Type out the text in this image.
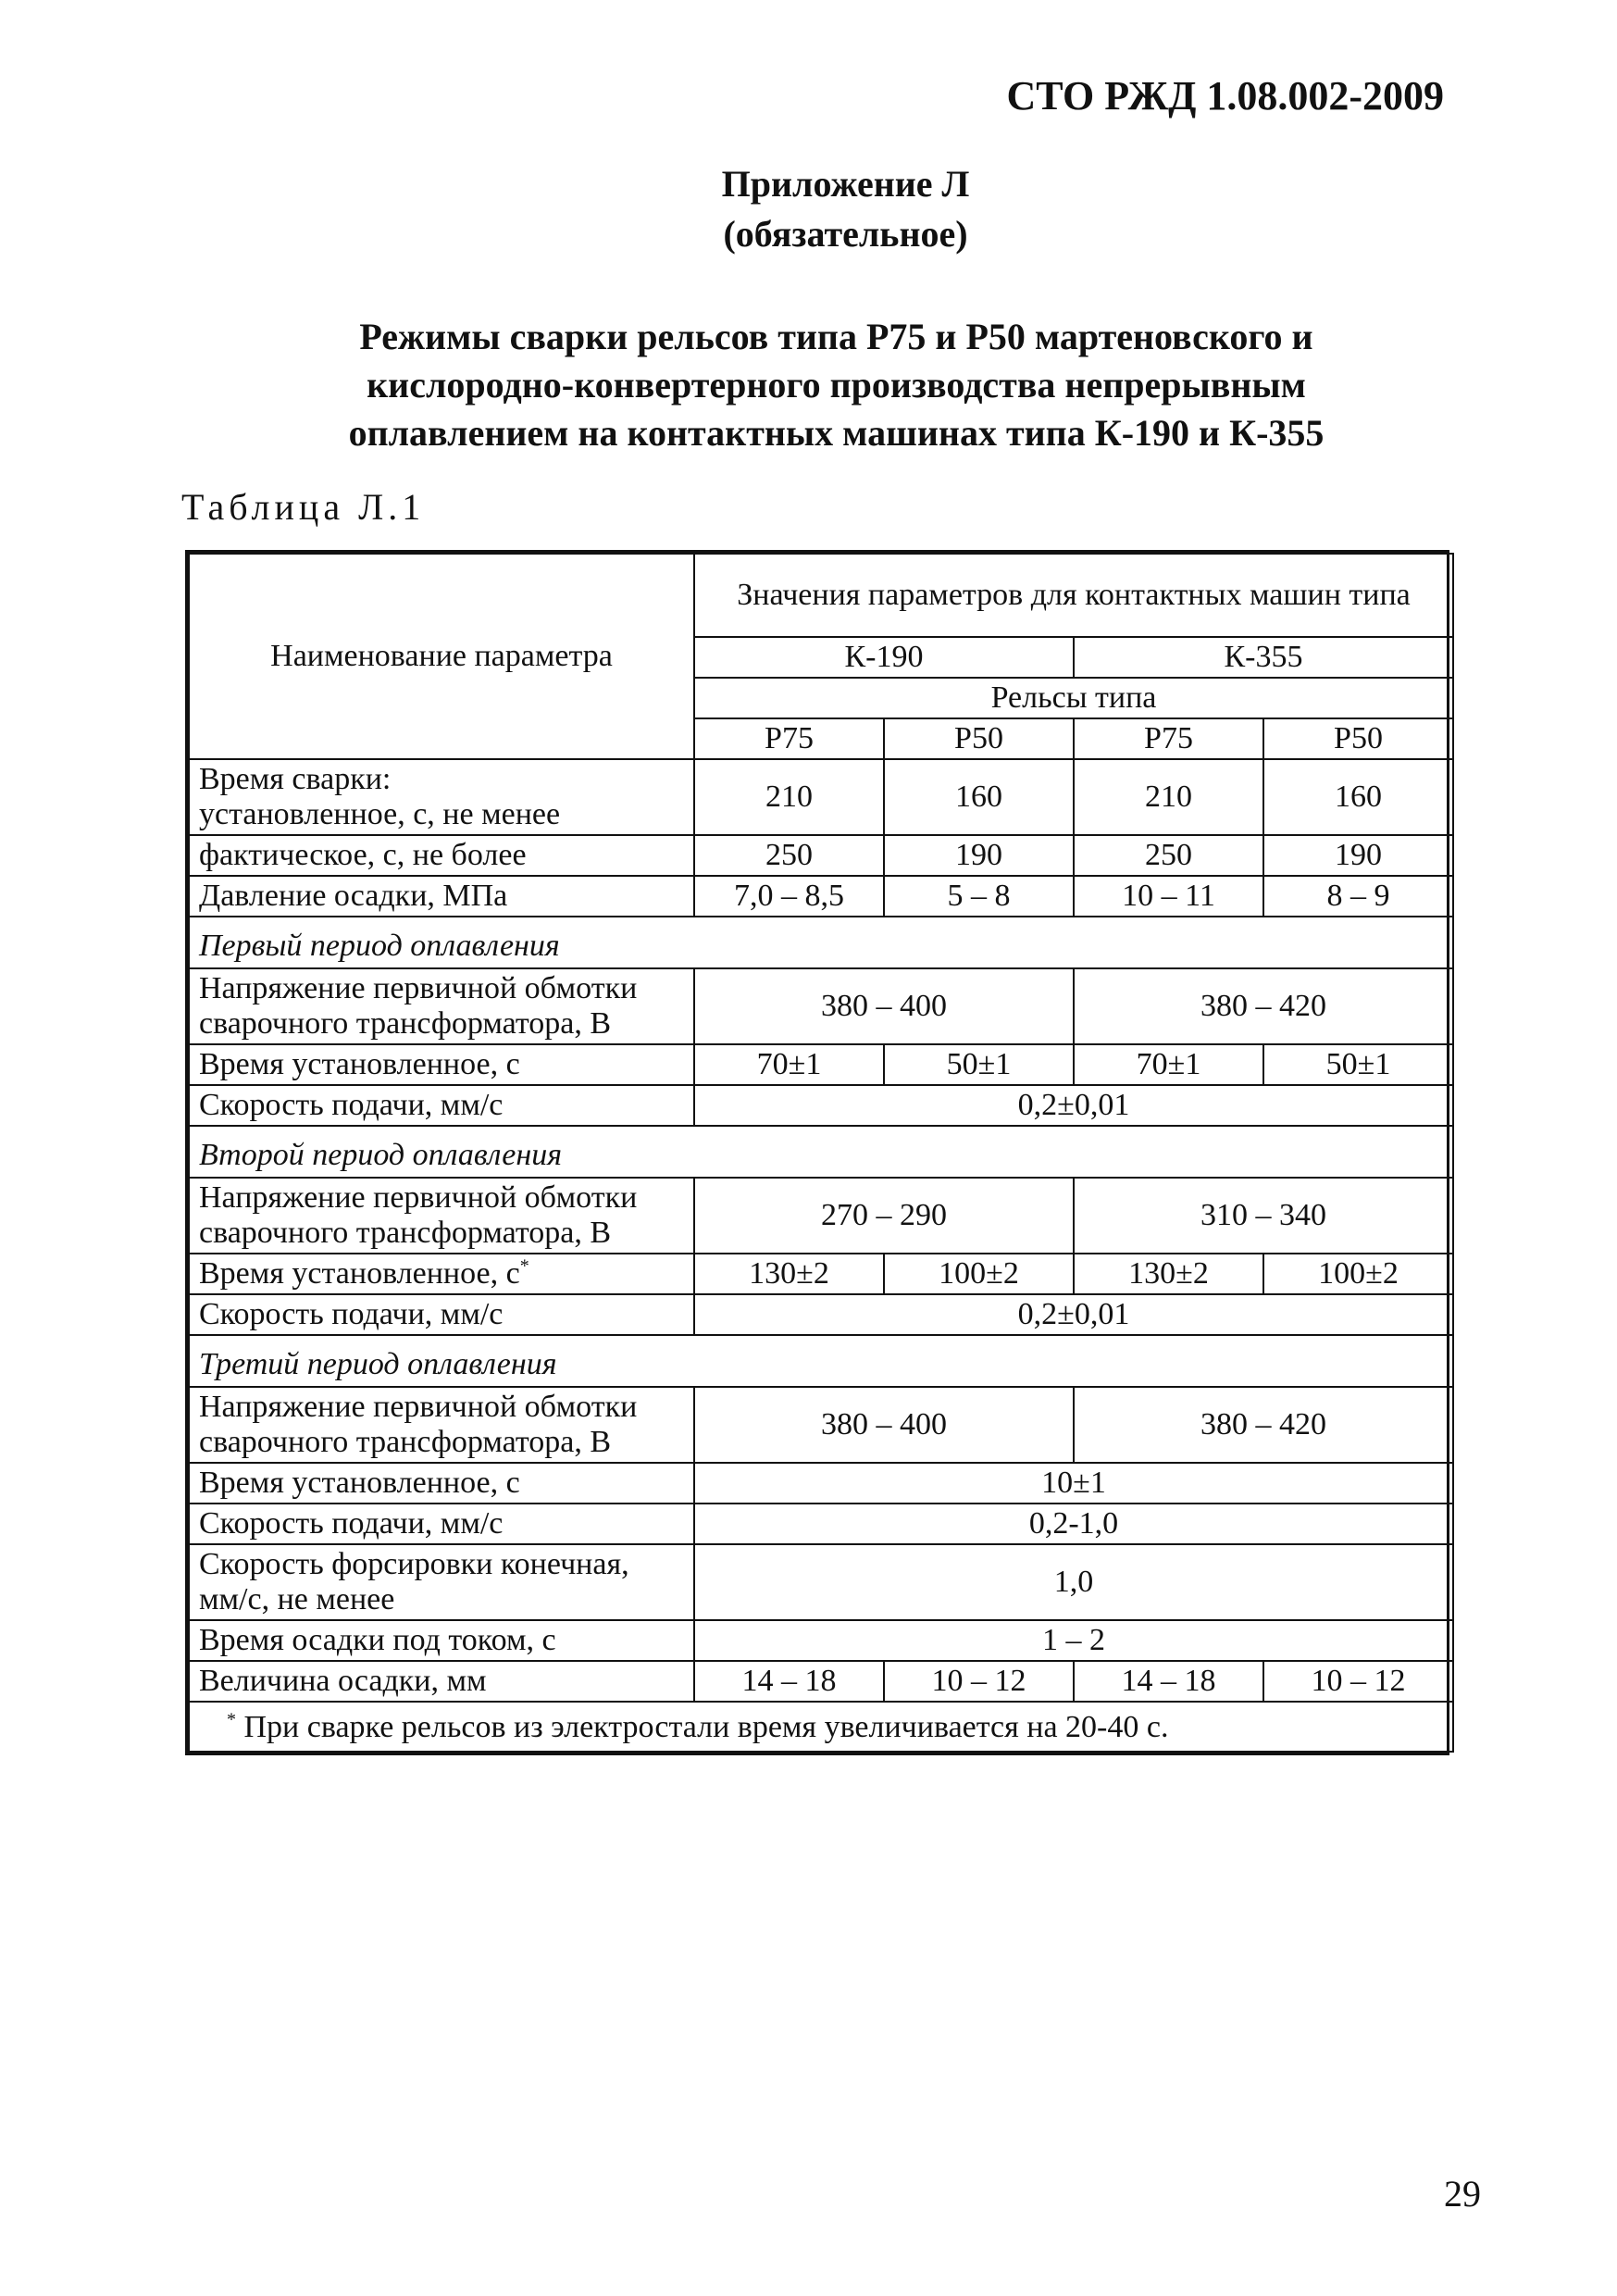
СТО РЖД 1.08.002-2009
Приложение Л
(обязательное)
Режимы сварки рельсов типа Р75 и Р50 мартеновского и
кислородно-конвертерного производства непрерывным
оплавлением на контактных машинах типа К-190 и К-355
Таблица Л.1
Наименование параметра	Значения параметров для контактных машин типа			
	К-190		К-355	
	Рельсы типа			
	Р75	Р50	Р75	Р50

Время сварки:
установленное, с, не менее	210	160	210	160
фактическое, с, не более	250	190	250	190
Давление осадки, МПа	7,0 – 8,5	5 – 8	10 – 11	8 – 9
Первый период оплавления				
Напряжение первичной обмотки сварочного трансформатора, В	380 – 400		380 – 420	
Время установленное, с	70±1	50±1	70±1	50±1
Скорость подачи, мм/с	0,2±0,01			
Второй период оплавления				
Напряжение первичной обмотки сварочного трансформатора, В	270 – 290		310 – 340	
Время установленное, с*	130±2	100±2	130±2	100±2
Скорость подачи, мм/с	0,2±0,01			
Третий период оплавления				
Напряжение первичной обмотки сварочного трансформатора, В	380 – 400		380 – 420	
Время установленное, с	10±1			
Скорость подачи, мм/с	0,2-1,0			
Скорость форсировки конечная, мм/с, не менее	1,0			
Время осадки под током, с	1 – 2			
Величина осадки, мм	14 – 18	10 – 12	14 – 18	10 – 12
* При сварке рельсов из электростали время увеличивается на 20-40 с.				
29
